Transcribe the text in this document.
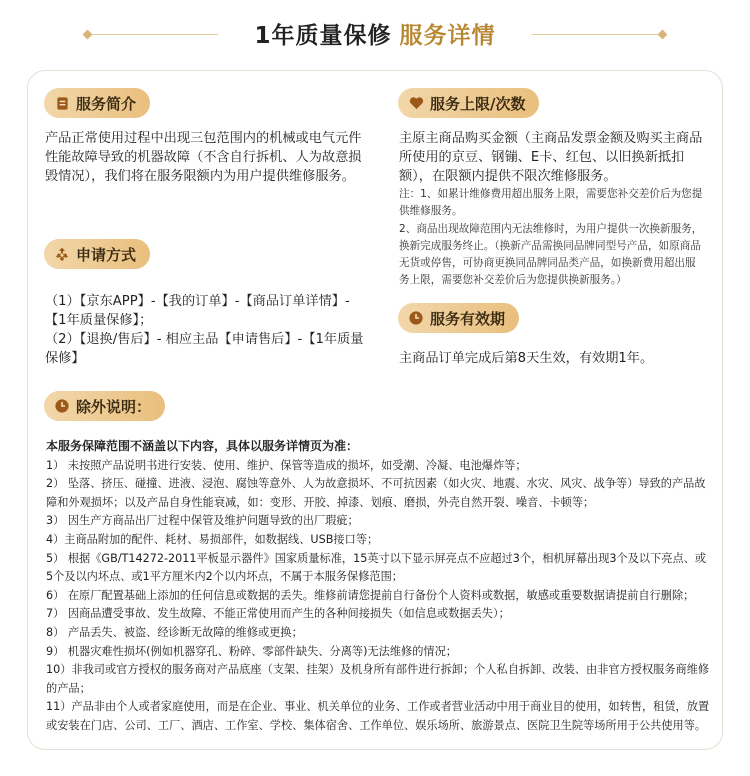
1年质量保修 服务详情
服务简介
产品正常使用过程中出现三包范围内的机械或电气元件性能故障导致的机器故障（不含自行拆机、人为故意损毁情况），我们将在服务限额内为用户提供维修服务。
申请方式
（1）【京东APP】-【我的订单】-【商品订单详情】-【1年质量保修】；
（2）【退换/售后】- 相应主品【申请售后】-【1年质量保修】
除外说明：
服务上限/次数
主原主商品购买金额（主商品发票金额及购买主商品所使用的京豆、钢镚、E卡、红包、以旧换新抵扣额），在限额内提供不限次维修服务。
注：1、如累计维修费用超出服务上限，需要您补交差价后为您提供维修服务。
2、商品出现故障范围内无法维修时，为用户提供一次换新服务，换新完成服务终止。（换新产品需换同品牌同型号产品，如原商品无货或停售，可协商更换同品牌同品类产品，如换新费用超出服务上限，需要您补交差价后为您提供换新服务。）
服务有效期
主商品订单完成后第8天生效，有效期1年。

本服务保障范围不涵盖以下内容，具体以服务详情页为准：

1） 未按照产品说明书进行安装、使用、维护、保管等造成的损坏，如受潮、冷凝、电池爆炸等；

2） 坠落、挤压、碰撞、进液、浸泡、腐蚀等意外、人为故意损坏、不可抗因素（如火灾、地震、水灾、风灾、战争等）导致的产品故障和外观损坏；以及产品自身性能衰减，如：变形、开胶、掉漆、划痕、磨损，外壳自然开裂、噪音、卡顿等；

3） 因生产方商品出厂过程中保管及维护问题导致的出厂瑕疵；

4）主商品附加的配件、耗材、易损部件，如数据线、USB接口等；

5） 根据《GB/T14272-2011平板显示器件》国家质量标准，15英寸以下显示屏亮点不应超过3个，相机屏幕出现3个及以下亮点、或5个及以内坏点、或1平方厘米内2个以内坏点，不属于本服务保修范围；

6） 在原厂配置基础上添加的任何信息或数据的丢失。维修前请您提前自行备份个人资料或数据，敏感或重要数据请提前自行删除；

7） 因商品遭受事故、发生故障、不能正常使用而产生的各种间接损失（如信息或数据丢失）；

8） 产品丢失、被盗、经诊断无故障的维修或更换；

9） 机器灾难性损坏(例如机器穿孔、粉碎、零部件缺失、分离等)无法维修的情况；

10）非我司或官方授权的服务商对产品底座（支架、挂架）及机身所有部件进行拆卸；个人私自拆卸、改装、由非官方授权服务商维修的产品；

11）产品非由个人或者家庭使用，而是在企业、事业、机关单位的业务、工作或者营业活动中用于商业目的使用，如转售，租赁，放置或安装在门店、公司、工厂、酒店、工作室、学校、集体宿舍、工作单位、娱乐场所、旅游景点、医院卫生院等场所用于公共使用等。
